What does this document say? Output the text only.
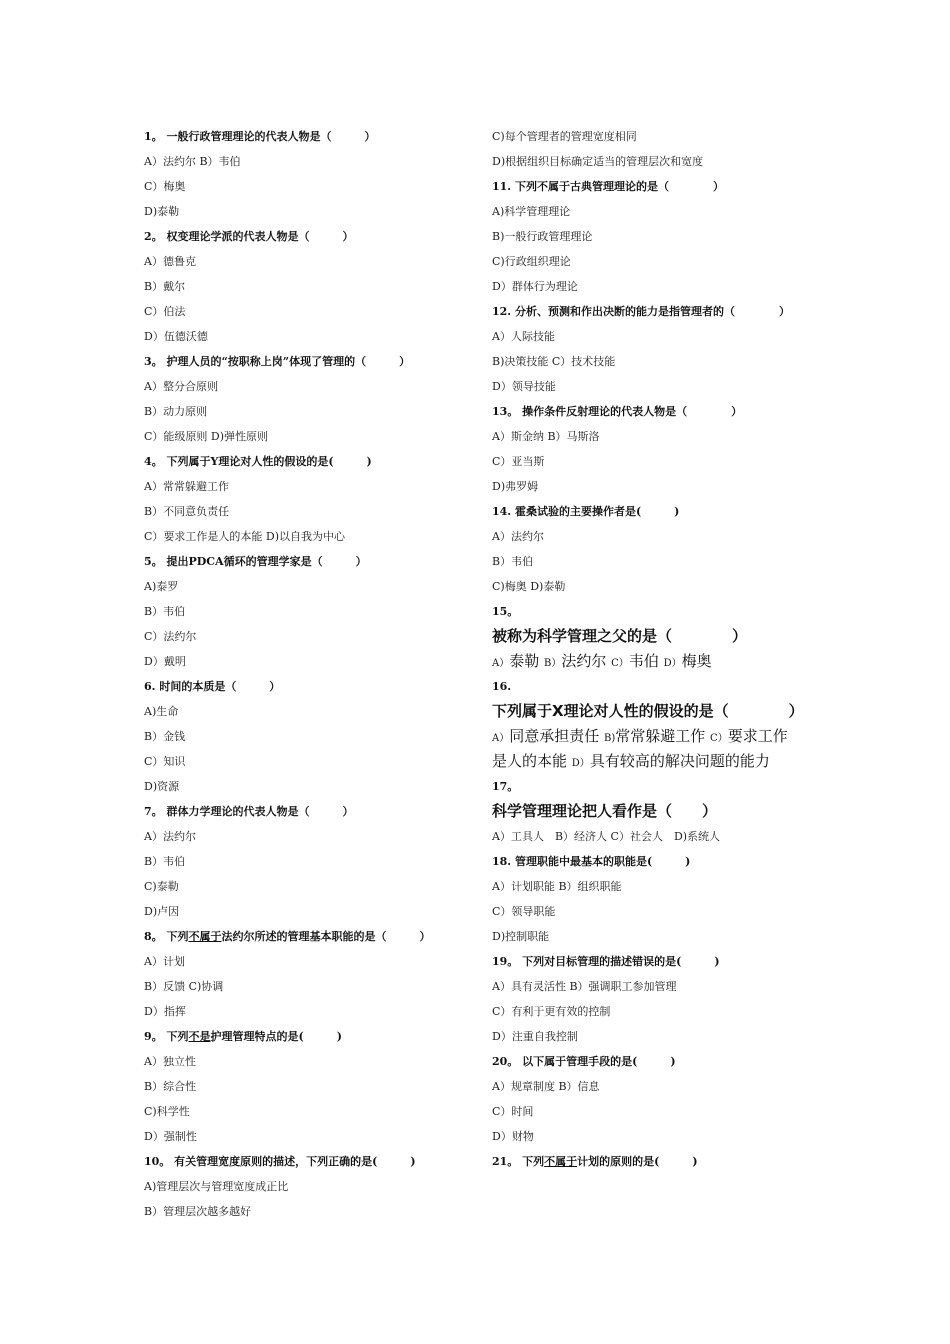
1。 一般行政管理理论的代表人物是（　　　）
A）法约尔 B）韦伯
C）梅奥
D)泰勒
2。 权变理论学派的代表人物是（　　　）
A）德鲁克
B）戴尔
C）伯法
D）伍德沃德
3。 护理人员的“按职称上岗”体现了管理的（　　　）
A）整分合原则
B）动力原则
C）能级原则 D)弹性原则
4。 下列属于Y理论对人性的假设的是(　　　)
A）常常躲避工作
B）不同意负责任
C）要求工作是人的本能 D)以自我为中心
5。 提出PDCA循环的管理学家是（　　　）
A)泰罗
B）韦伯
C）法约尔
D）戴明
6. 时间的本质是（　　　）
A)生命
B）金钱
C）知识
D)资源
7。 群体力学理论的代表人物是（　　　）
A）法约尔
B）韦伯
C)泰勒
D)卢因
8。 下列不属于法约尔所述的管理基本职能的是（　　　）
A）计划
B）反馈 C)协调
D）指挥
9。 下列不是护理管理特点的是(　　　)
A）独立性
B）综合性
C)科学性
D）强制性
10。 有关管理宽度原则的描述，下列正确的是(　　　)
A)管理层次与管理宽度成正比
B）管理层次越多越好
C)每个管理者的管理宽度相同
D)根据组织目标确定适当的管理层次和宽度
11. 下列不属于古典管理理论的是（　　　　）
A)科学管理理论
B)一般行政管理理论
C)行政组织理论
D）群体行为理论
12. 分析、预测和作出决断的能力是指管理者的（　　　　）
A）人际技能
B)决策技能 C）技术技能
D）领导技能
13。 操作条件反射理论的代表人物是（　　　　）
A）斯金纳 B）马斯洛
C）亚当斯
D)弗罗姆
14. 霍桑试验的主要操作者是(　　　)
A）法约尔
B）韦伯
C)梅奥 D)泰勒
15。
被称为科学管理之父的是（　　　　）
A）泰勒 B）法约尔 C）韦伯 D）梅奥
16.
下列属于X理论对人性的假设的是（　　　　）
A）同意承担责任 B)常常躲避工作 C）要求工作
是人的本能 D）具有较高的解决问题的能力
17。
科学管理理论把人看作是（　　）
A）工具人　B）经济人 C）社会人　D)系统人
18. 管理职能中最基本的职能是(　　　)
A）计划职能 B）组织职能
C）领导职能
D)控制职能
19。 下列对目标管理的描述错误的是(　　　)
A）具有灵活性 B）强调职工参加管理
C）有利于更有效的控制
D）注重自我控制
20。 以下属于管理手段的是(　　　)
A）规章制度 B）信息
C）时间
D）财物
21。 下列不属于计划的原则的是(　　　)
